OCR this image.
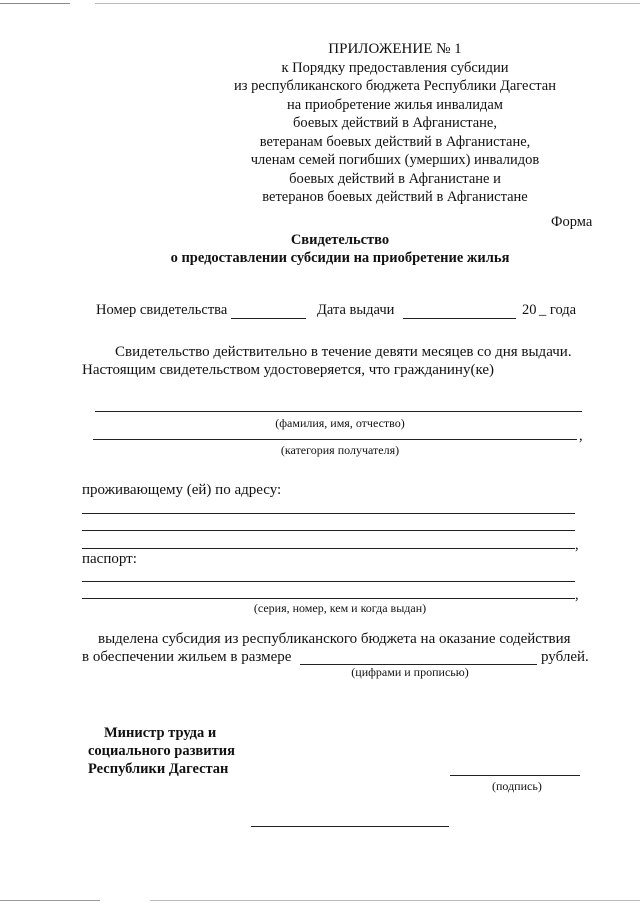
ПРИЛОЖЕНИЕ № 1
к Порядку предоставления субсидии
из республиканского бюджета Республики Дагестан
на приобретение жилья инвалидам
боевых действий в Афганистане,
ветеранам боевых действий в Афганистане,
членам семей погибших (умерших) инвалидов
боевых действий в Афганистане и
ветеранов боевых действий в Афганистане
Форма
Свидетельство
о предоставлении субсидии на приобретение жилья
Номер свидетельства	Дата выдачи	20 _ года
Свидетельство действительно в течение девяти месяцев со дня выдачи.
Настоящим свидетельством удостоверяется, что гражданину(ке)
(фамилия, имя, отчество)
,
(категория получателя)
проживающему (ей) по адресу:
,
паспорт:
,
(серия, номер, кем и когда выдан)
выделена субсидия из республиканского бюджета на оказание содействия
в обеспечении жильем в размере	рублей.
(цифрами и прописью)
Министр труда и
социального развития
Республики Дагестан
(подпись)
